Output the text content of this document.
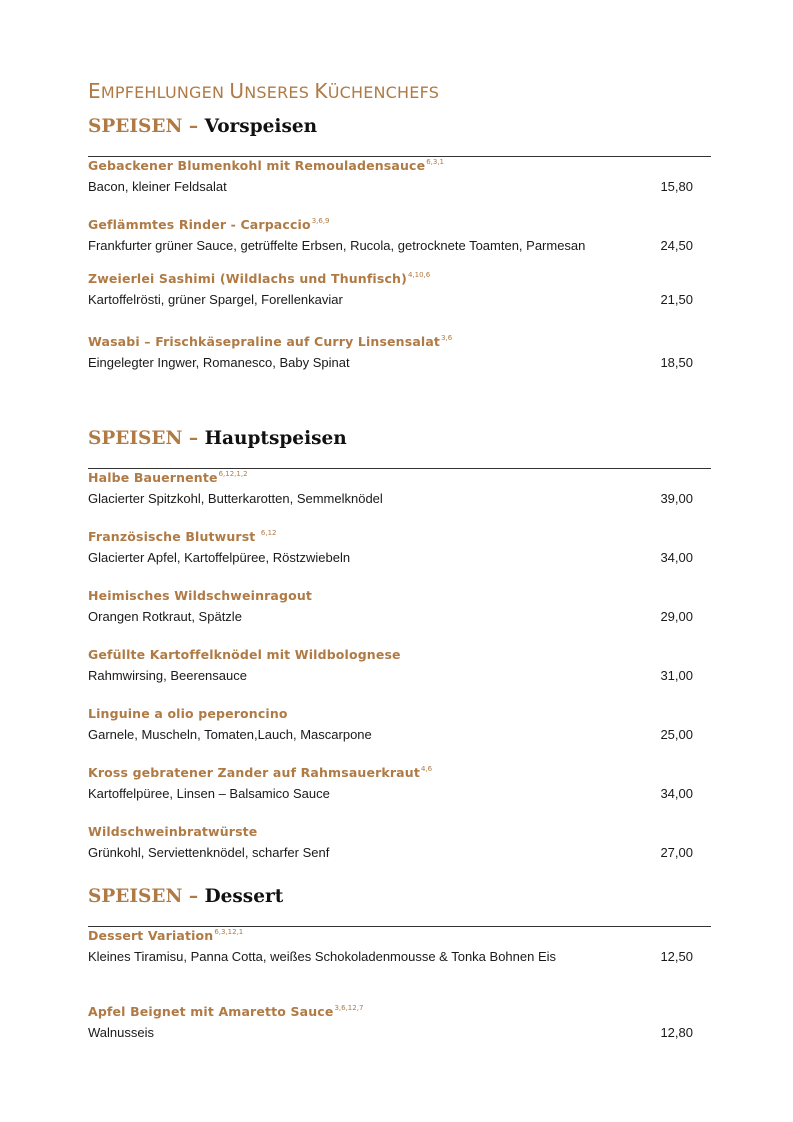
EMPFEHLUNGEN UNSERES KÜCHENCHEFS
SPEISEN – Vorspeisen
Gebackener Blumenkohl mit Remouladensauce$^{6,3,1}$
Bacon, kleiner Feldsalat	15,80
Geflämmtes Rinder - Carpaccio$^{3,6,9}$
Frankfurter grüner Sauce, getrüffelte Erbsen, Rucola, getrocknete Toamten, Parmesan	24,50
Zweierlei Sashimi (Wildlachs und Thunfisch)$^{4,10,6}$
Kartoffelrösti, grüner Spargel, Forellenkaviar	21,50
Wasabi – Frischkäsepraline auf Curry Linsensalat$^{3,6}$
Eingelegter Ingwer, Romanesco, Baby Spinat	18,50
SPEISEN – Hauptspeisen
Halbe Bauernente$^{6,12,1,2}$
Glacierter Spitzkohl, Butterkarotten, Semmelknödel	39,00
Französische Blutwurst $^{6,12}$
Glacierter Apfel, Kartoffelpüree, Röstzwiebeln	34,00
Heimisches Wildschweinragout
Orangen Rotkraut, Spätzle	29,00
Gefüllte Kartoffelknödel mit Wildbolognese
Rahmwirsing, Beerensauce	31,00
Linguine a olio peperoncino
Garnele, Muscheln, Tomaten,Lauch, Mascarpone	25,00
Kross gebratener Zander auf Rahmsauerkraut$^{4,6}$
Kartoffelpüree, Linsen – Balsamico Sauce	34,00
Wildschweinbratwürste
Grünkohl, Serviettenknödel, scharfer Senf	27,00
SPEISEN – Dessert
Dessert Variation$^{6,3,12,1}$
Kleines Tiramisu, Panna Cotta, weißes Schokoladenmousse & Tonka Bohnen Eis	12,50
Apfel Beignet mit Amaretto Sauce$^{3,6,12,7}$
Walnusseis	12,80
